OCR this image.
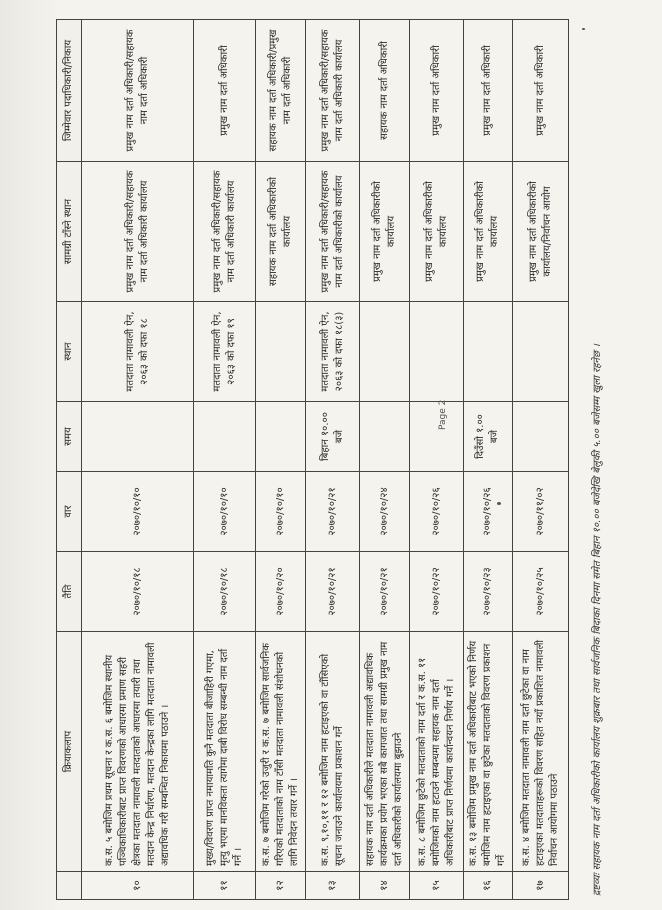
	क्रियाकलाप	तैति	वार	समय	स्थान	सामग्री टाँस्ने स्थान	जिम्मेवार पदाधिकारी/निकाय
१०	क.स. ५ बमोजिम प्रथम सूचना र क.स. ६ बमोजिम स्थानीय पञ्चिकाधिकारीबाट प्राप्त विवरणको आधारमा प्रमाण सहरी क्षेत्रका मतदाता नामावली मतदाताको आधारमा तयारी तथा मतदान केन्द्र निर्धारण, मतदान केन्द्रका लागि मतदाता नामावली अद्यावधिक गरी सम्बन्धित निकायमा पठाउने ।	२०७०/१०/१८	२०७०/१०/१०		मतदाता नामावली ऐन, २०६३ को दफा १८	प्रमुख नाम दर्ता अधिकारी/सहायक नाम दर्ता अधिकारी कार्यालय	प्रमुख नाम दर्ता अधिकारी/सहायक नाम दर्ता अधिकारी
११	मुख्य/विवरण प्राप्त नमायामति कुनै मतदाता बीजाहिरी गएमा, मृत्यु भएमा मानविकता त्यागेमा दाबी विरोध सम्बन्धी नाम दर्ता गर्ने ।	२०७०/१०/१८	२०७०/१०/१०		मतदाता नामावली ऐन, २०६३ को दफा १९	प्रमुख नाम दर्ता अधिकारी/सहायक नाम दर्ता अधिकारी कार्यालय	प्रमुख नाम दर्ता अधिकारी
१२	क.स. ७ बमोजिम गरेको उजुरी र क.स. ७ बमोजिम सार्वजनिक गरिएको मतदाताको नाम टाँसी मतदाता नामावली संशोधनको लागि निवेदन तयार गर्ने ।	२०७०/१०/२०	२०७०/१०/१०			सहायक नाम दर्ता अधिकारीको कार्यालय	सहायक नाम दर्ता अधिकारी/प्रमुख नाम दर्ता अधिकारी
१३	क.स. ९,१०,११ र १२ बमोजिम नाम हटाइएको वा टाँसिएको सूचना जनाउने कार्यालयमा प्रकाशन गर्ने	२०७०/१०/२१	२०७०/१०/२१	बिहान १०.०० बजे	मतदाता नामावली ऐन, २०६३ को दफा १८(३)	प्रमुख नाम दर्ता अधिकारी/सहायक नाम दर्ता अधिकारीको कार्यालय	प्रमुख नाम दर्ता अधिकारी/सहायक नाम दर्ता अधिकारी कार्यालय
१४	सहायक नाम दर्ता अधिकारीले मतदाता नामावली अद्यावधिक कार्यक्रमका प्रयोग भएका सबै कागजात तथा सामग्री प्रमुख नाम दर्ता अधिकारीको कार्यालयमा बुझाउने	२०७०/१०/२१	२०७०/१०/२४			प्रमुख नाम दर्ता अधिकारीको कार्यालय	सहायक नाम दर्ता अधिकारी
१५	क.स. ८ बमोजिम छुटेको मतदाताको नाम दर्ता र क.स. ११ बमोजिमको नाम हटाउने सम्बन्धमा सहायक नाम दर्ता अधिकारीबाट प्राप्त निर्णयमा कार्यान्वयन निर्णय गर्ने ।	२०७०/१०/२२	२०७०/१०/२६			प्रमुख नाम दर्ता अधिकारीको कार्यालय	प्रमुख नाम दर्ता अधिकारी
१६	क.स. १३ बमोजिम प्रमुख नाम दर्ता अधिकारीबाट भएको निर्णय बमोजिम नाम हटाइएका वा छुटेका मतदाताको विवरण प्रकाशन गर्ने	२०७०/१०/२३	२०७०/१०/२६	दिउँसो १.०० बजे		प्रमुख नाम दर्ता अधिकारीको कार्यालय	प्रमुख नाम दर्ता अधिकारी
१७	क.स. ४ बमोजिम मतदाता नामावली नाम दर्ता छुटेका वा नाम हटाइएका मतदाताहरूको विवरण सहित नयाँ प्रकाशित नामावली निर्वाचन आयोगमा पठाउने	२०७०/१०/२५	२०७०/११/०२			प्रमुख नाम दर्ता अधिकारीको कार्यालय/निर्वाचन आयोग	प्रमुख नाम दर्ता अधिकारी
द्रष्टव्यः सहायक नाम दर्ता अधिकारीको कार्यालय शुक्रबार तथा सार्वजनिक बिदाका दिनमा समेत बिहान १०.०० बजेदेखि बेलुकी ५.०० बजेसम्म खुला रहनेछ ।
Page 2
